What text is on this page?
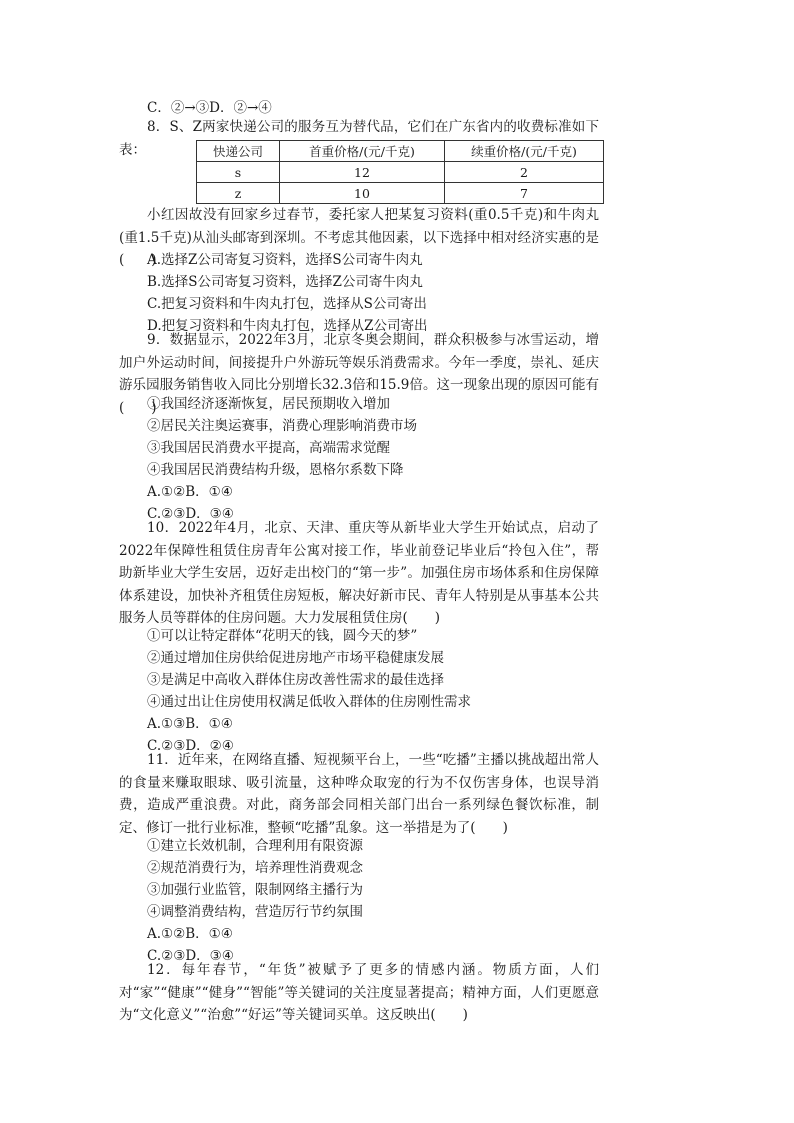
C．②→③D．②→④
8．S、Z两家快递公司的服务互为替代品，它们在广东省内的收费标准如下表：	快递公司	首重价格/(元/千克)	续重价格/(元/千克)
s	12	2
z	10	7
小红因故没有回家乡过春节，委托家人把某复习资料(重0.5千克)和牛肉丸(重1.5千克)从汕头邮寄到深圳。不考虑其他因素，以下选择中相对经济实惠的是(　　)
A.选择Z公司寄复习资料，选择S公司寄牛肉丸
B.选择S公司寄复习资料，选择Z公司寄牛肉丸
C.把复习资料和牛肉丸打包，选择从S公司寄出
D.把复习资料和牛肉丸打包，选择从Z公司寄出
9．数据显示，2022年3月，北京冬奥会期间，群众积极参与冰雪运动，增加户外运动时间，间接提升户外游玩等娱乐消费需求。今年一季度，崇礼、延庆游乐园服务销售收入同比分别增长32.3倍和15.9倍。这一现象出现的原因可能有(　　)
①我国经济逐渐恢复，居民预期收入增加
②居民关注奥运赛事，消费心理影响消费市场
③我国居民消费水平提高，高端需求觉醒
④我国居民消费结构升级，恩格尔系数下降
A.①②B．①④
C.②③D．③④
10．2022年4月，北京、天津、重庆等从新毕业大学生开始试点，启动了2022年保障性租赁住房青年公寓对接工作，毕业前登记毕业后“拎包入住”，帮助新毕业大学生安居，迈好走出校门的“第一步”。加强住房市场体系和住房保障体系建设，加快补齐租赁住房短板，解决好新市民、青年人特别是从事基本公共服务人员等群体的住房问题。大力发展租赁住房(　　)
①可以让特定群体“花明天的钱，圆今天的梦”
②通过增加住房供给促进房地产市场平稳健康发展
③是满足中高收入群体住房改善性需求的最佳选择
④通过出让住房使用权满足低收入群体的住房刚性需求
A.①③B．①④
C.②③D．②④
11．近年来，在网络直播、短视频平台上，一些“吃播”主播以挑战超出常人的食量来赚取眼球、吸引流量，这种哗众取宠的行为不仅伤害身体，也误导消费，造成严重浪费。对此，商务部会同相关部门出台一系列绿色餐饮标准，制定、修订一批行业标准，整顿“吃播”乱象。这一举措是为了(　　)
①建立长效机制，合理利用有限资源
②规范消费行为，培养理性消费观念
③加强行业监管，限制网络主播行为
④调整消费结构，营造厉行节约氛围
A.①②B．①④
C.②③D．③④
12．每年春节，“年货”被赋予了更多的情感内涵。物质方面，人们对“家”“健康”“健身”“智能”等关键词的关注度显著提高；精神方面，人们更愿意为“文化意义”“治愈”“好运”等关键词买单。这反映出(　　)
